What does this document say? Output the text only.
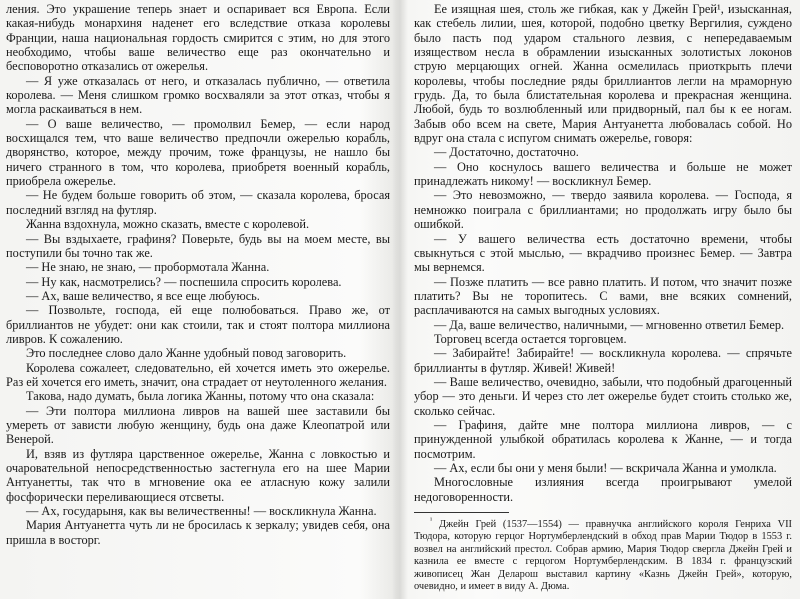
ления. Это украшение теперь знает и оспаривает вся Европа. Если какая-нибудь монархиня наденет его вследствие отказа королевы Франции, наша национальная гордость смирится с этим, но для этого необходимо, чтобы ваше величество еще раз окончательно и бесповоротно отказались от ожерелья.

— Я уже отказалась от него, и отказалась публично, — ответила королева. — Меня слишком громко восхваляли за этот отказ, чтобы я могла раскаиваться в нем.

— О ваше величество, — промолвил Бемер, — если народ восхищался тем, что ваше величество предпочли ожерелью корабль, дворянство, которое, между прочим, тоже французы, не нашло бы ничего странного в том, что королева, приобретя военный корабль, приобрела ожерелье.

— Не будем больше говорить об этом, — сказала королева, бросая последний взгляд на футляр.

Жанна вздохнула, можно сказать, вместе с королевой.

— Вы вздыхаете, графиня? Поверьте, будь вы на моем месте, вы поступили бы точно так же.

— Не знаю, не знаю, — пробормотала Жанна.

— Ну как, насмотрелись? — поспешила спросить королева.

— Ах, ваше величество, я все еще любуюсь.

— Позвольте, господа, ей еще полюбоваться. Право же, от бриллиантов не убудет: они как стоили, так и стоят полтора миллиона ливров. К сожалению.

Это последнее слово дало Жанне удобный повод заговорить.

Королева сожалеет, следовательно, ей хочется иметь это ожерелье. Раз ей хочется его иметь, значит, она страдает от неутоленного желания.

Такова, надо думать, была логика Жанны, потому что она сказала:

— Эти полтора миллиона ливров на вашей шее заставили бы умереть от зависти любую женщину, будь она даже Клеопатрой или Венерой.

И, взяв из футляра царственное ожерелье, Жанна с ловкостью и очаровательной непосредственностью застегнула его на шее Марии Антуанетты, так что в мгновение ока ее атласную кожу залили фосфорически переливающиеся отсветы.

— Ах, государыня, как вы величественны! — воскликнула Жанна.

Мария Антуанетта чуть ли не бросилась к зеркалу; увидев себя, она пришла в восторг.

Ее изящная шея, столь же гибкая, как у Джейн Грей¹, изысканная, как стебель лилии, шея, которой, подобно цветку Вергилия, суждено было пасть под ударом стального лезвия, с непередаваемым изяществом несла в обрамлении изысканных золотистых локонов струю мерцающих огней. Жанна осмелилась приоткрыть плечи королевы, чтобы последние ряды бриллиантов легли на мраморную грудь. Да, то была блистательная королева и прекрасная женщина. Любой, будь то возлюбленный или придворный, пал бы к ее ногам. Забыв обо всем на свете, Мария Антуанетта любовалась собой. Но вдруг она стала с испугом снимать ожерелье, говоря:

— Достаточно, достаточно.

— Оно коснулось вашего величества и больше не может принадлежать никому! — воскликнул Бемер.

— Это невозможно, — твердо заявила королева. — Господа, я немножко поиграла с бриллиантами; но продолжать игру было бы ошибкой.

— У вашего величества есть достаточно времени, чтобы свыкнуться с этой мыслью, — вкрадчиво произнес Бемер. — Завтра мы вернемся.

— Позже платить — все равно платить. И потом, что значит позже платить? Вы не торопитесь. С вами, вне всяких сомнений, расплачиваются на самых выгодных условиях.

— Да, ваше величество, наличными, — мгновенно ответил Бемер.

Торговец всегда остается торговцем.

— Забирайте! Забирайте! — воскликнула королева. — спрячьте бриллианты в футляр. Живей! Живей!

— Ваше величество, очевидно, забыли, что подобный драгоценный убор — это деньги. И через сто лет ожерелье будет стоить столько же, сколько сейчас.

— Графиня, дайте мне полтора миллиона ливров, — с принужденной улыбкой обратилась королева к Жанне, — и тогда посмотрим.

— Ах, если бы они у меня были! — вскричала Жанна и умолкла.

Многословные излияния всегда проигрывают умелой недоговоренности.

$^{^1}$ Джейн Грей (1537—1554) — правнучка английского короля Генриха VII Тюдора, которую герцог Нортумберлендский в обход прав Марии Тюдор в 1553 г. возвел на английский престол. Собрав армию, Мария Тюдор свергла Джейн Грей и казнила ее вместе с герцогом Нортумберлендским. В 1834 г. французский живописец Жан Деларош выставил картину «Казнь Джейн Грей», которую, очевидно, и имеет в виду А. Дюма.
